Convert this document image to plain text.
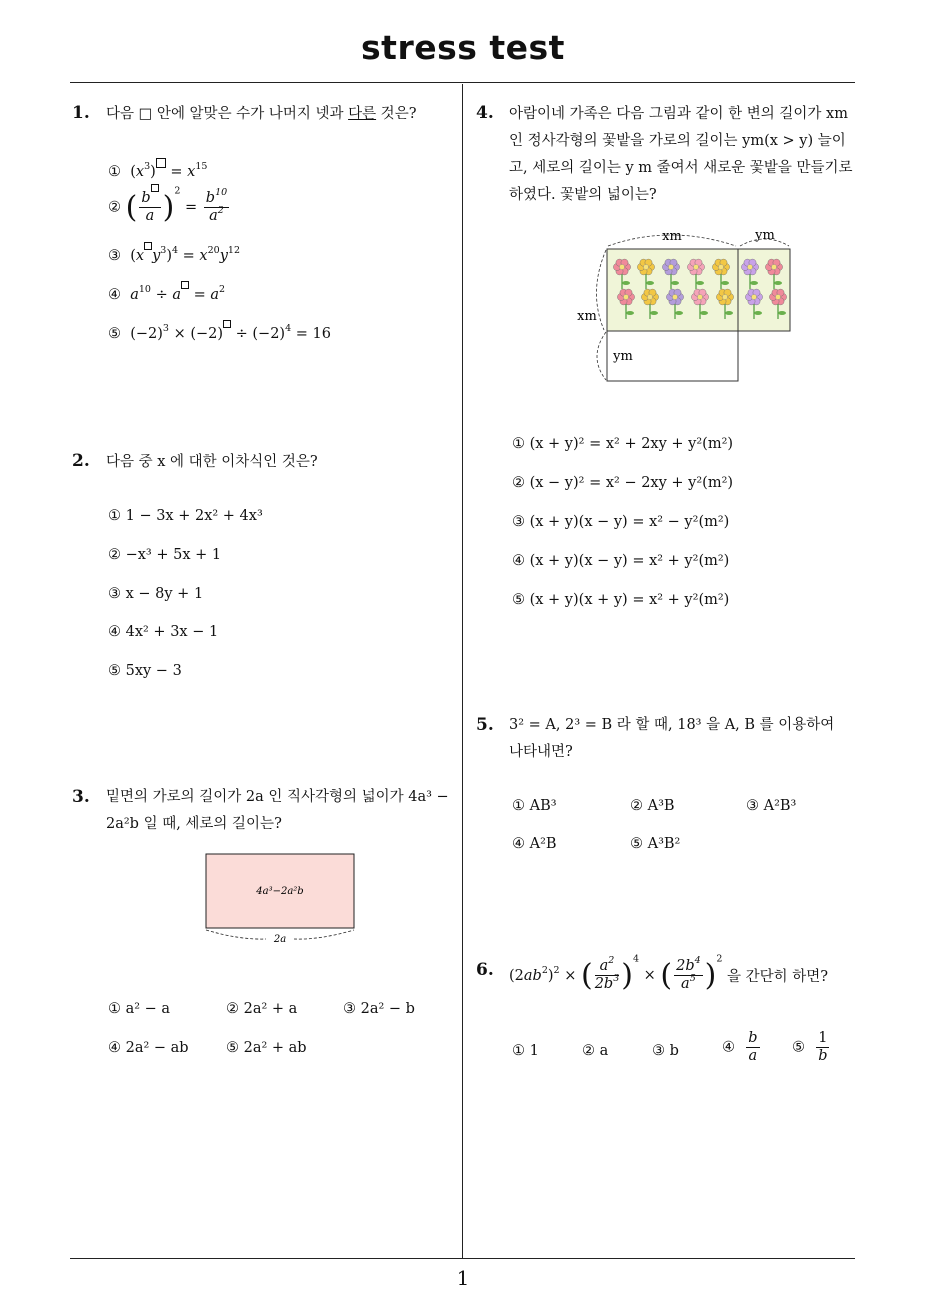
stress test
1
1. 다음 □ 안에 알맞은 수가 나머지 넷과 다른 것은?
①  $(x^3) = x^{15}$
② ( $\frac{b}{a} )^2 = \frac{b^{10}}{a^2}$
③  (x $y^3)^4 = x^{20}y^{12}$
④ $a^{10} \div a = a^2$
⑤  $(-2)^3 \times (-2) \div (-2)^4 = 16$
2. 다음 중 x 에 대한 이차식인 것은?
① 1 − 3x + 2x² + 4x³
② −x³ + 5x + 1
③ x − 8y + 1
④ 4x² + 3x − 1
⑤ 5xy − 3
3. 밑면의 가로의 길이가 2a 인 직사각형의 넓이가 4a³ −
2a²b 일 때, 세로의 길이는?
4a³−2a²b
2a
① a² − a	② 2a² + a	③ 2a² − b
④ 2a² − ab	⑤ 2a² + ab
4. 아람이네 가족은 다음 그림과 같이 한 변의 길이가 xm
인 정사각형의 꽃밭을 가로의 길이는 ym(x > y) 늘이
고, 세로의 길이는 y m 줄여서 새로운 꽃밭을 만들기로
하였다. 꽃밭의 넓이는?
xm	ym
xm
ym
① (x + y)² = x² + 2xy + y²(m²)
② (x − y)² = x² − 2xy + y²(m²)
③ (x + y)(x − y) = x² − y²(m²)
④ (x + y)(x − y) = x² + y²(m²)
⑤ (x + y)(x + y) = x² + y²(m²)
5. 3² = A, 2³ = B 라 할 때, 18³ 을 A, B 를 이용하여
나타내면?
① AB³	② A³B	③ A²B³
④ A²B	⑤ A³B²
6. $(2ab^2)^2$ × ( $\frac{a^2}{2b^3} )^4$ × ( $\frac{2b^4}{a^5} )^2$ 을 간단히 하면?
① 1	② a	③ b	④ $\frac{b}{a}$ ⑤ $\frac{1}{b}$
